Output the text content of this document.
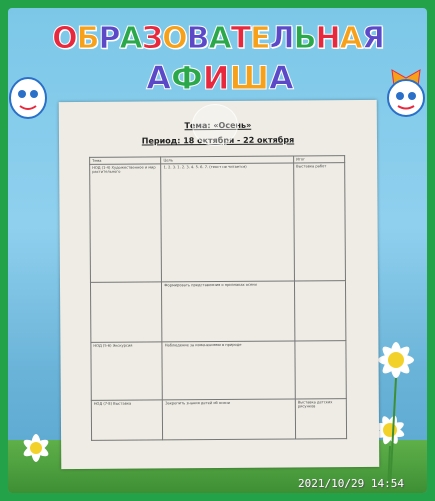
О Б Р А З О В А Т Е Л Ь Н А Я
А Ф И Ш А
Тема: «Осень»
Период: 18 октября - 22 октября
Тема	Цель	Итог
НОД (1-4) Художественное и мир растительного	1. 2. 3. 1. 2. 3. 4. 5. 6. 7. (текст не читается)	Выставка работ
	Формировать представления о признаках осени	
НОД (5-6) Экскурсия	Наблюдение за изменениями в природе	
НОД (7-8) Выставка	Закрепить знания детей об осени	Выставка детских рисунков
2021/10/29 14:54
